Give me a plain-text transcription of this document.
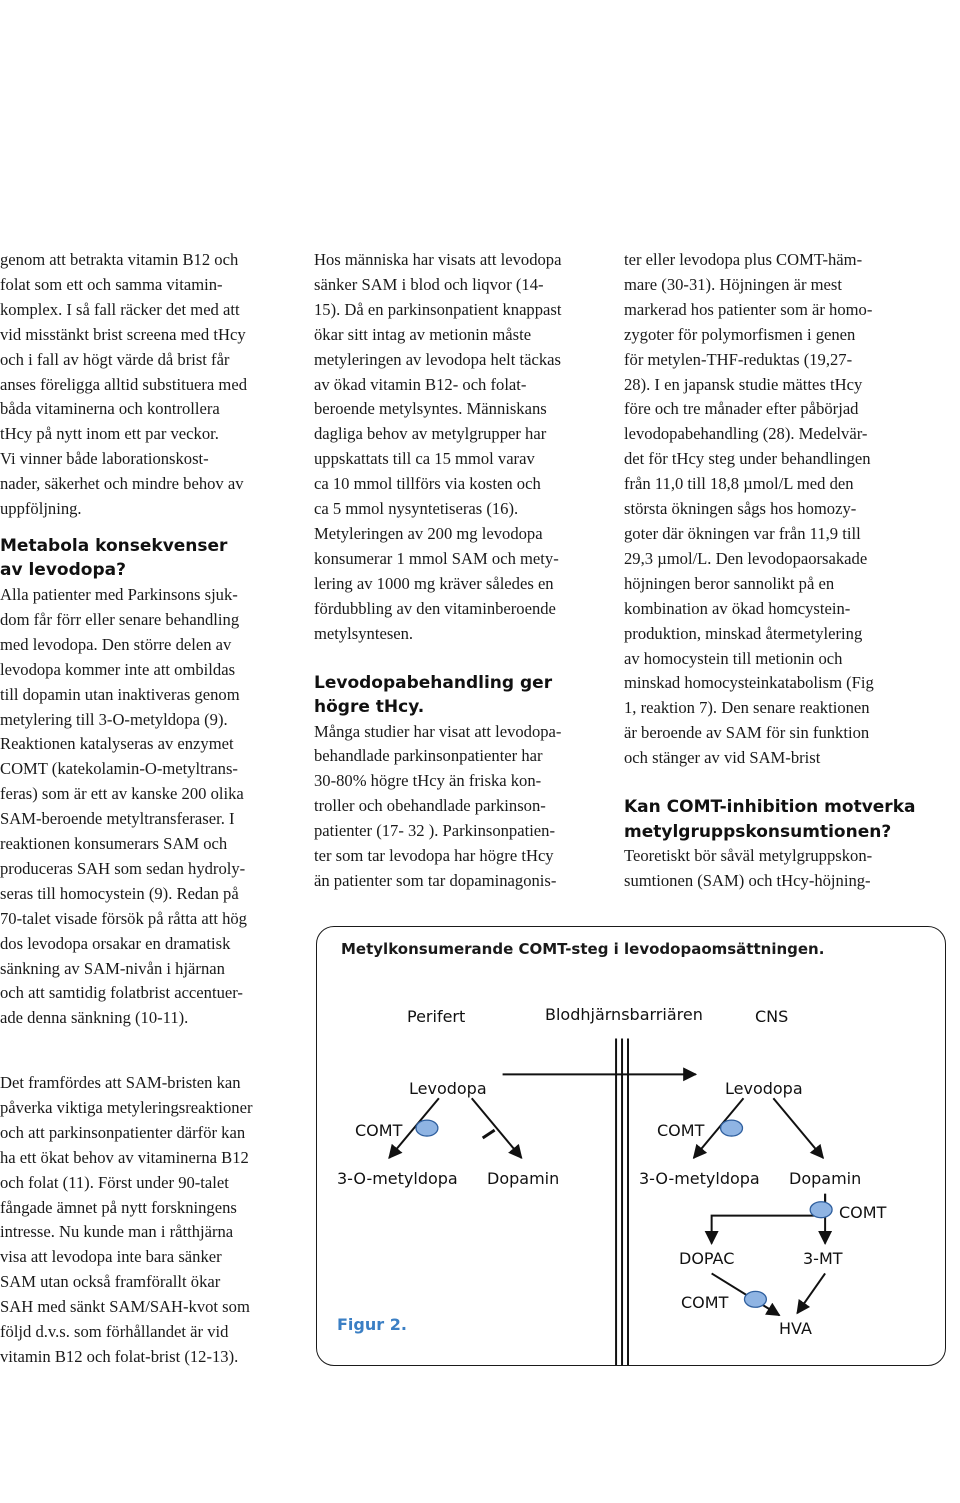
genom att betrakta vitamin B12 och
folat som ett och samma vitamin-
komplex. I så fall räcker det med att
vid misstänkt brist screena med tHcy
och i fall av högt värde då brist får
anses föreligga alltid substituera med
båda vitaminerna och kontrollera
tHcy på nytt inom ett par veckor.
Vi vinner både laborationskost-
nader, säkerhet och mindre behov av
uppföljning.

Metabola konsekvenser
av levodopa?

Alla patienter med Parkinsons sjuk-
dom får förr eller senare behandling
med levodopa. Den större delen av
levodopa kommer inte att ombildas
till dopamin utan inaktiveras genom
metylering till 3-O-metyldopa (9).
Reaktionen katalyseras av enzymet
COMT (katekolamin-O-metyltrans-
feras) som är ett av kanske 200 olika
SAM-beroende metyltransferaser. I
reaktionen konsumerars SAM och
produceras SAH som sedan hydroly-
seras till homocystein (9). Redan på
70-talet visade försök på råtta att hög
dos levodopa orsakar en dramatisk
sänkning av SAM-nivån i hjärnan
och att samtidig folatbrist accentuer-
ade denna sänkning (10-11).

Det framfördes att SAM-bristen kan
påverka viktiga metyleringsreaktioner
och att parkinsonpatienter därför kan
ha ett ökat behov av vitaminerna B12
och folat (11). Först under 90-talet
fångade ämnet på nytt forskningens
intresse. Nu kunde man i råtthjärna
visa att levodopa inte bara sänker
SAM utan också framförallt ökar
SAH med sänkt SAM/SAH-kvot som
följd d.v.s. som förhållandet är vid
vitamin B12 och folat-brist (12-13).

Hos människa har visats att levodopa
sänker SAM i blod och liqvor (14-
15). Då en parkinsonpatient knappast
ökar sitt intag av metionin måste
metyleringen av levodopa helt täckas
av ökad vitamin B12- och folat-
beroende metylsyntes. Människans
dagliga behov av metylgrupper har
uppskattats till ca 15 mmol varav
ca 10 mmol tillförs via kosten och
ca 5 mmol nysyntetiseras (16).
Metyleringen av 200 mg levodopa
konsumerar 1 mmol SAM och mety-
lering av 1000 mg kräver således en
fördubbling av den vitaminberoende
metylsyntesen.

Levodopabehandling ger
högre tHcy.

Många studier har visat att levodopa-
behandlade parkinsonpatienter har
30-80% högre tHcy än friska kon-
troller och obehandlade parkinson-
patienter (17- 32 ). Parkinsonpatien-
ter som tar levodopa har högre tHcy
än patienter som tar dopaminagonis-

ter eller levodopa plus COMT-häm-
mare (30-31). Höjningen är mest
markerad hos patienter som är homo-
zygoter för polymorfismen i genen
för metylen-THF-reduktas (19,27-
28). I en japansk studie mättes tHcy
före och tre månader efter påbörjad
levodopabehandling (28). Medelvär-
det för tHcy steg under behandlingen
från 11,0 till 18,8 µmol/L med den
största ökningen sågs hos homozy-
goter där ökningen var från 11,9 till
29,3 µmol/L. Den levodopaorsakade
höjningen beror sannolikt på en
kombination av ökad homcystein-
produktion, minskad återmetylering
av homocystein till metionin och
minskad homocysteinkatabolism (Fig
1, reaktion 7). Den senare reaktionen
är beroende av SAM för sin funktion
och stänger av vid SAM-brist

Kan COMT-inhibition motverka
metylgruppskonsumtionen?

Teoretiskt bör såväl metylgruppskon-
sumtionen (SAM) och tHcy-höjning-

Metylkonsumerande COMT-steg i levodopaomsättningen.
Perifert	Blodhjärnsbarriären	CNS
Levodopa	Levodopa
COMT	COMT
3-O-metyldopa Dopamin	3-O-metyldopa Dopamin
COMT
DOPAC	3-MT
COMT
HVA
Figur 2.
